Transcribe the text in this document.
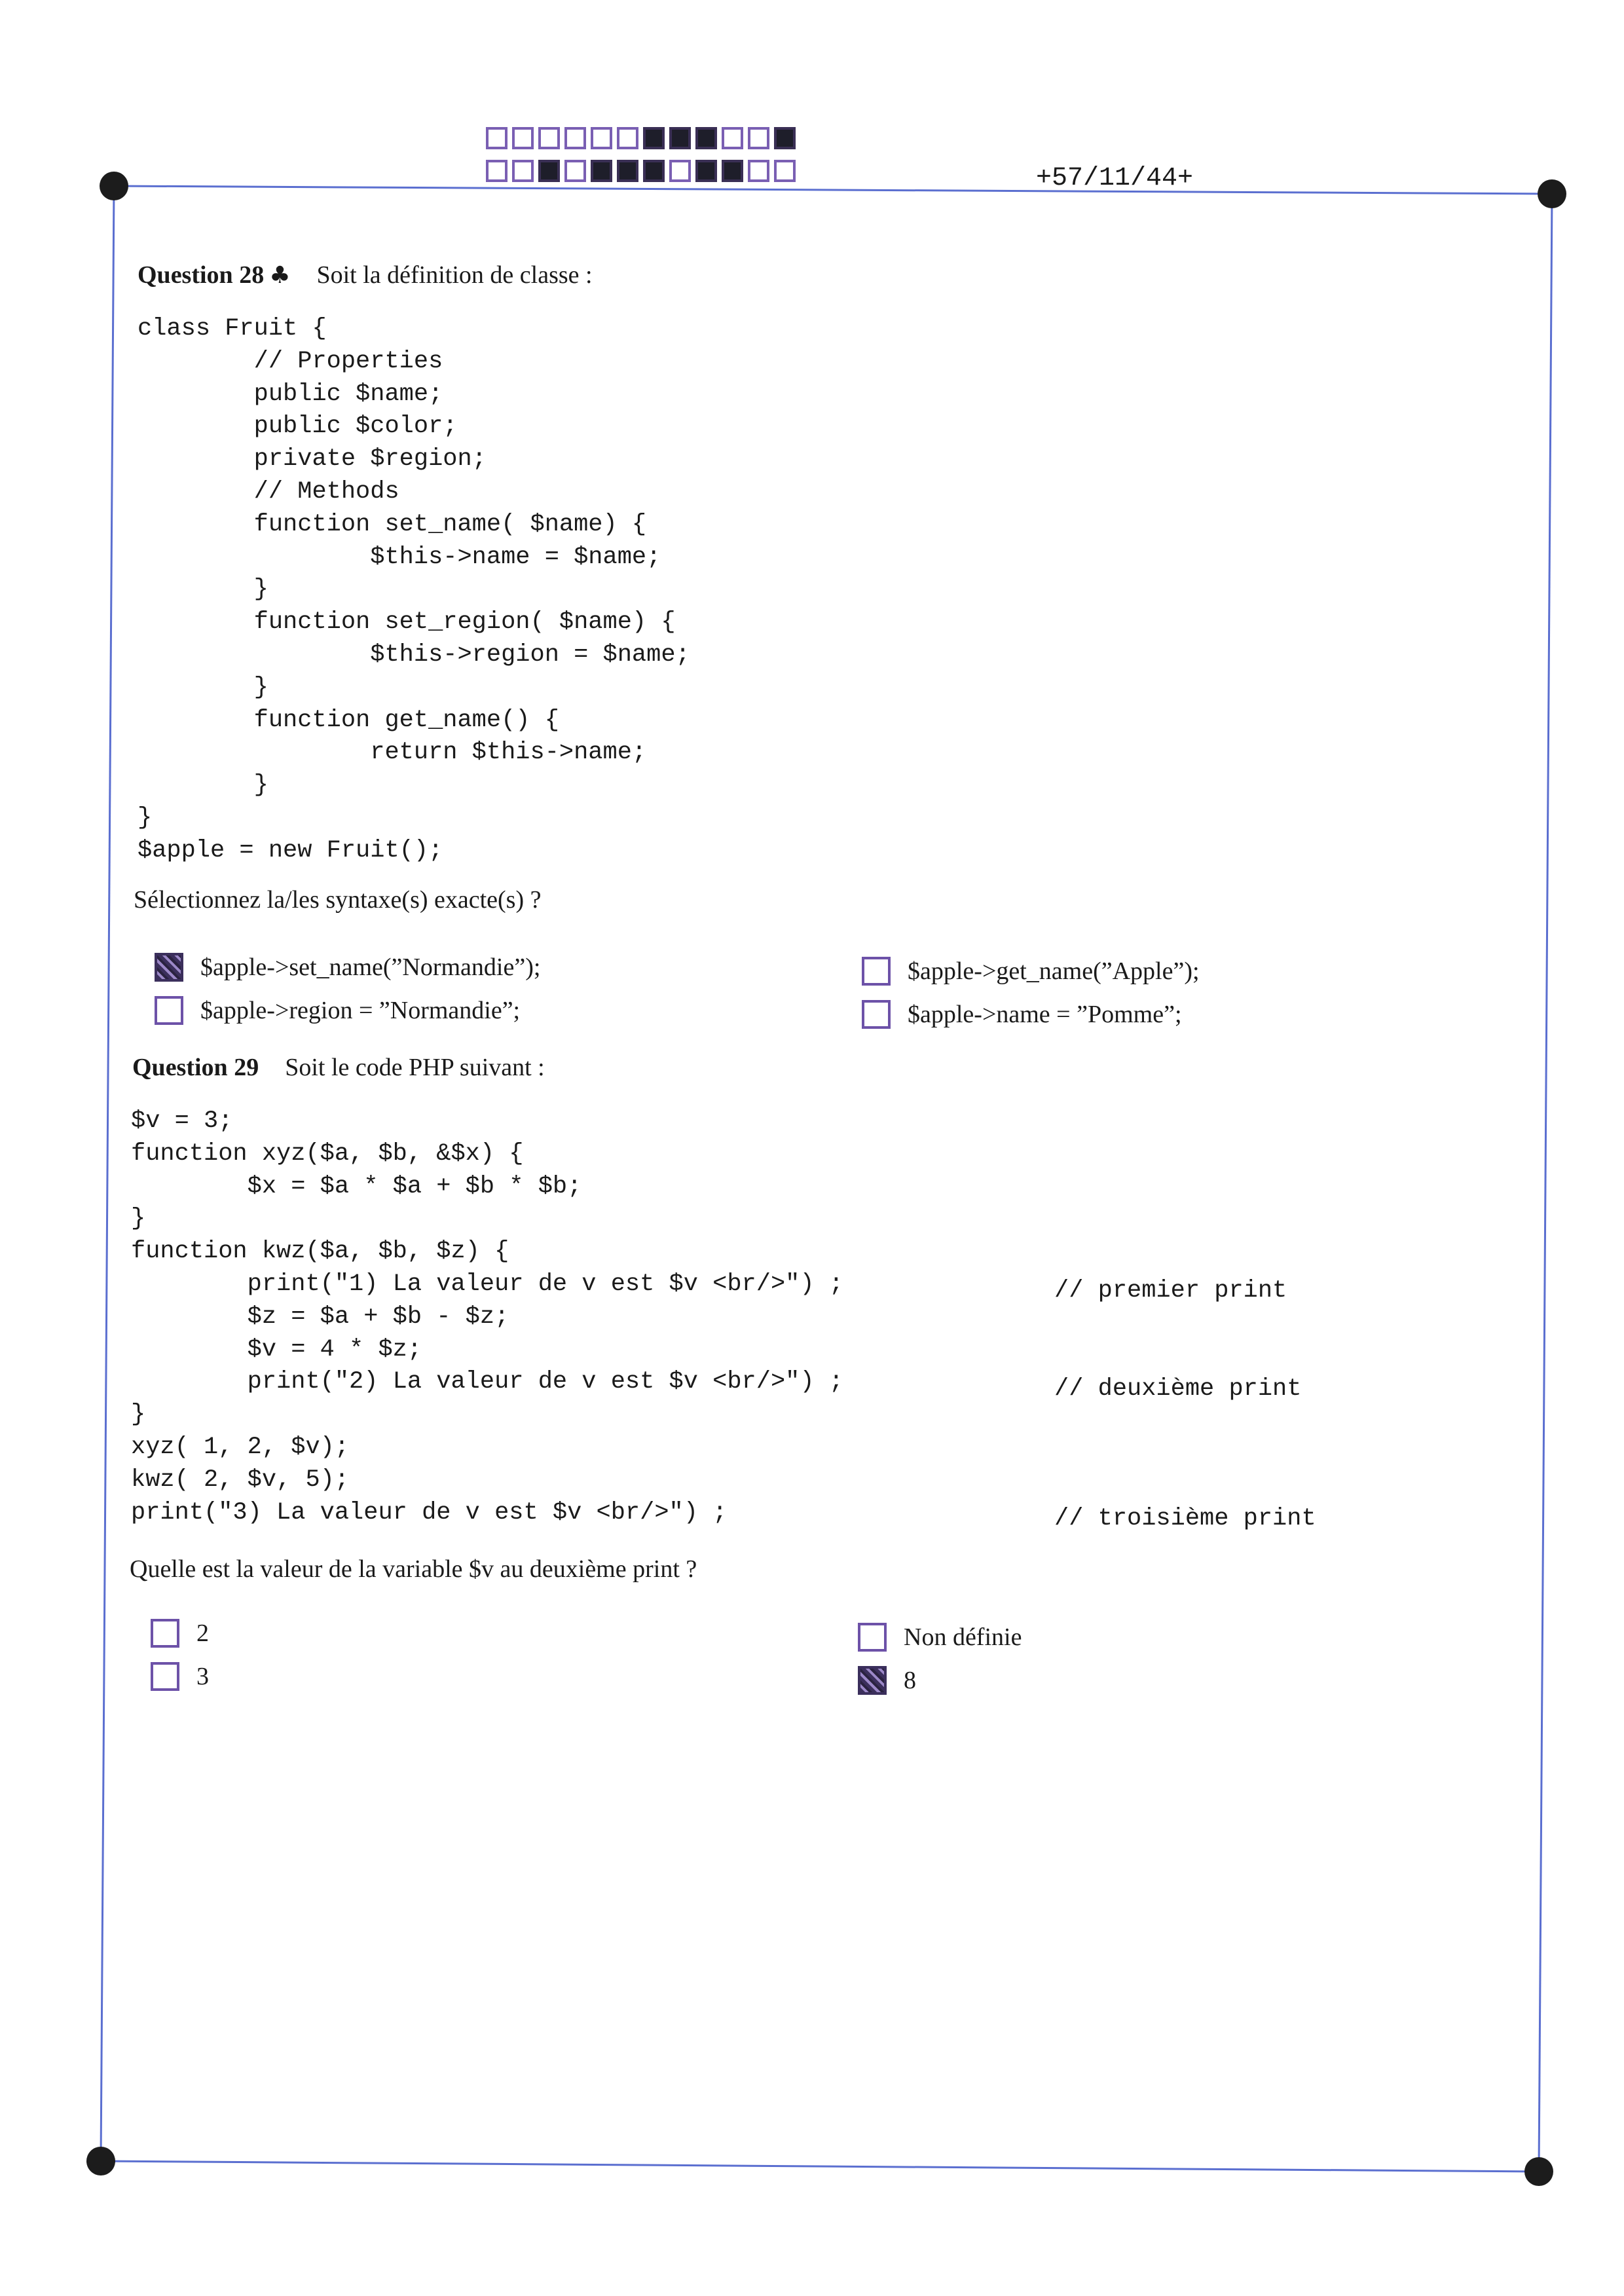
+57/11/44+
Question 28 ♣ Soit la définition de classe :
class Fruit {
// Properties
public $name;
public $color;
private $region;
// Methods
function set_name( $name) {
$this->name = $name;
}
function set_region( $name) {
$this->region = $name;
}
function get_name() {
return $this->name;
}
}
$apple = new Fruit();
Sélectionnez la/les syntaxe(s) exacte(s) ?
$apple->set_name(”Normandie”);
$apple->region = ”Normandie”;
$apple->get_name(”Apple”);
$apple->name = ”Pomme”;
Question 29 Soit le code PHP suivant :
$v = 3;
function xyz($a, $b, &$x) {
$x = $a * $a + $b * $b;
}
function kwz($a, $b, $z) {
print("1) La valeur de v est $v <br/>") ;
$z = $a + $b - $z;
$v = 4 * $z;
print("2) La valeur de v est $v <br/>") ;
}
xyz( 1, 2, $v);
kwz( 2, $v, 5);
print("3) La valeur de v est $v <br/>") ;
// premier print
// deuxième print
// troisième print
Quelle est la valeur de la variable $v au deuxième print ?
2
3
Non définie
8
